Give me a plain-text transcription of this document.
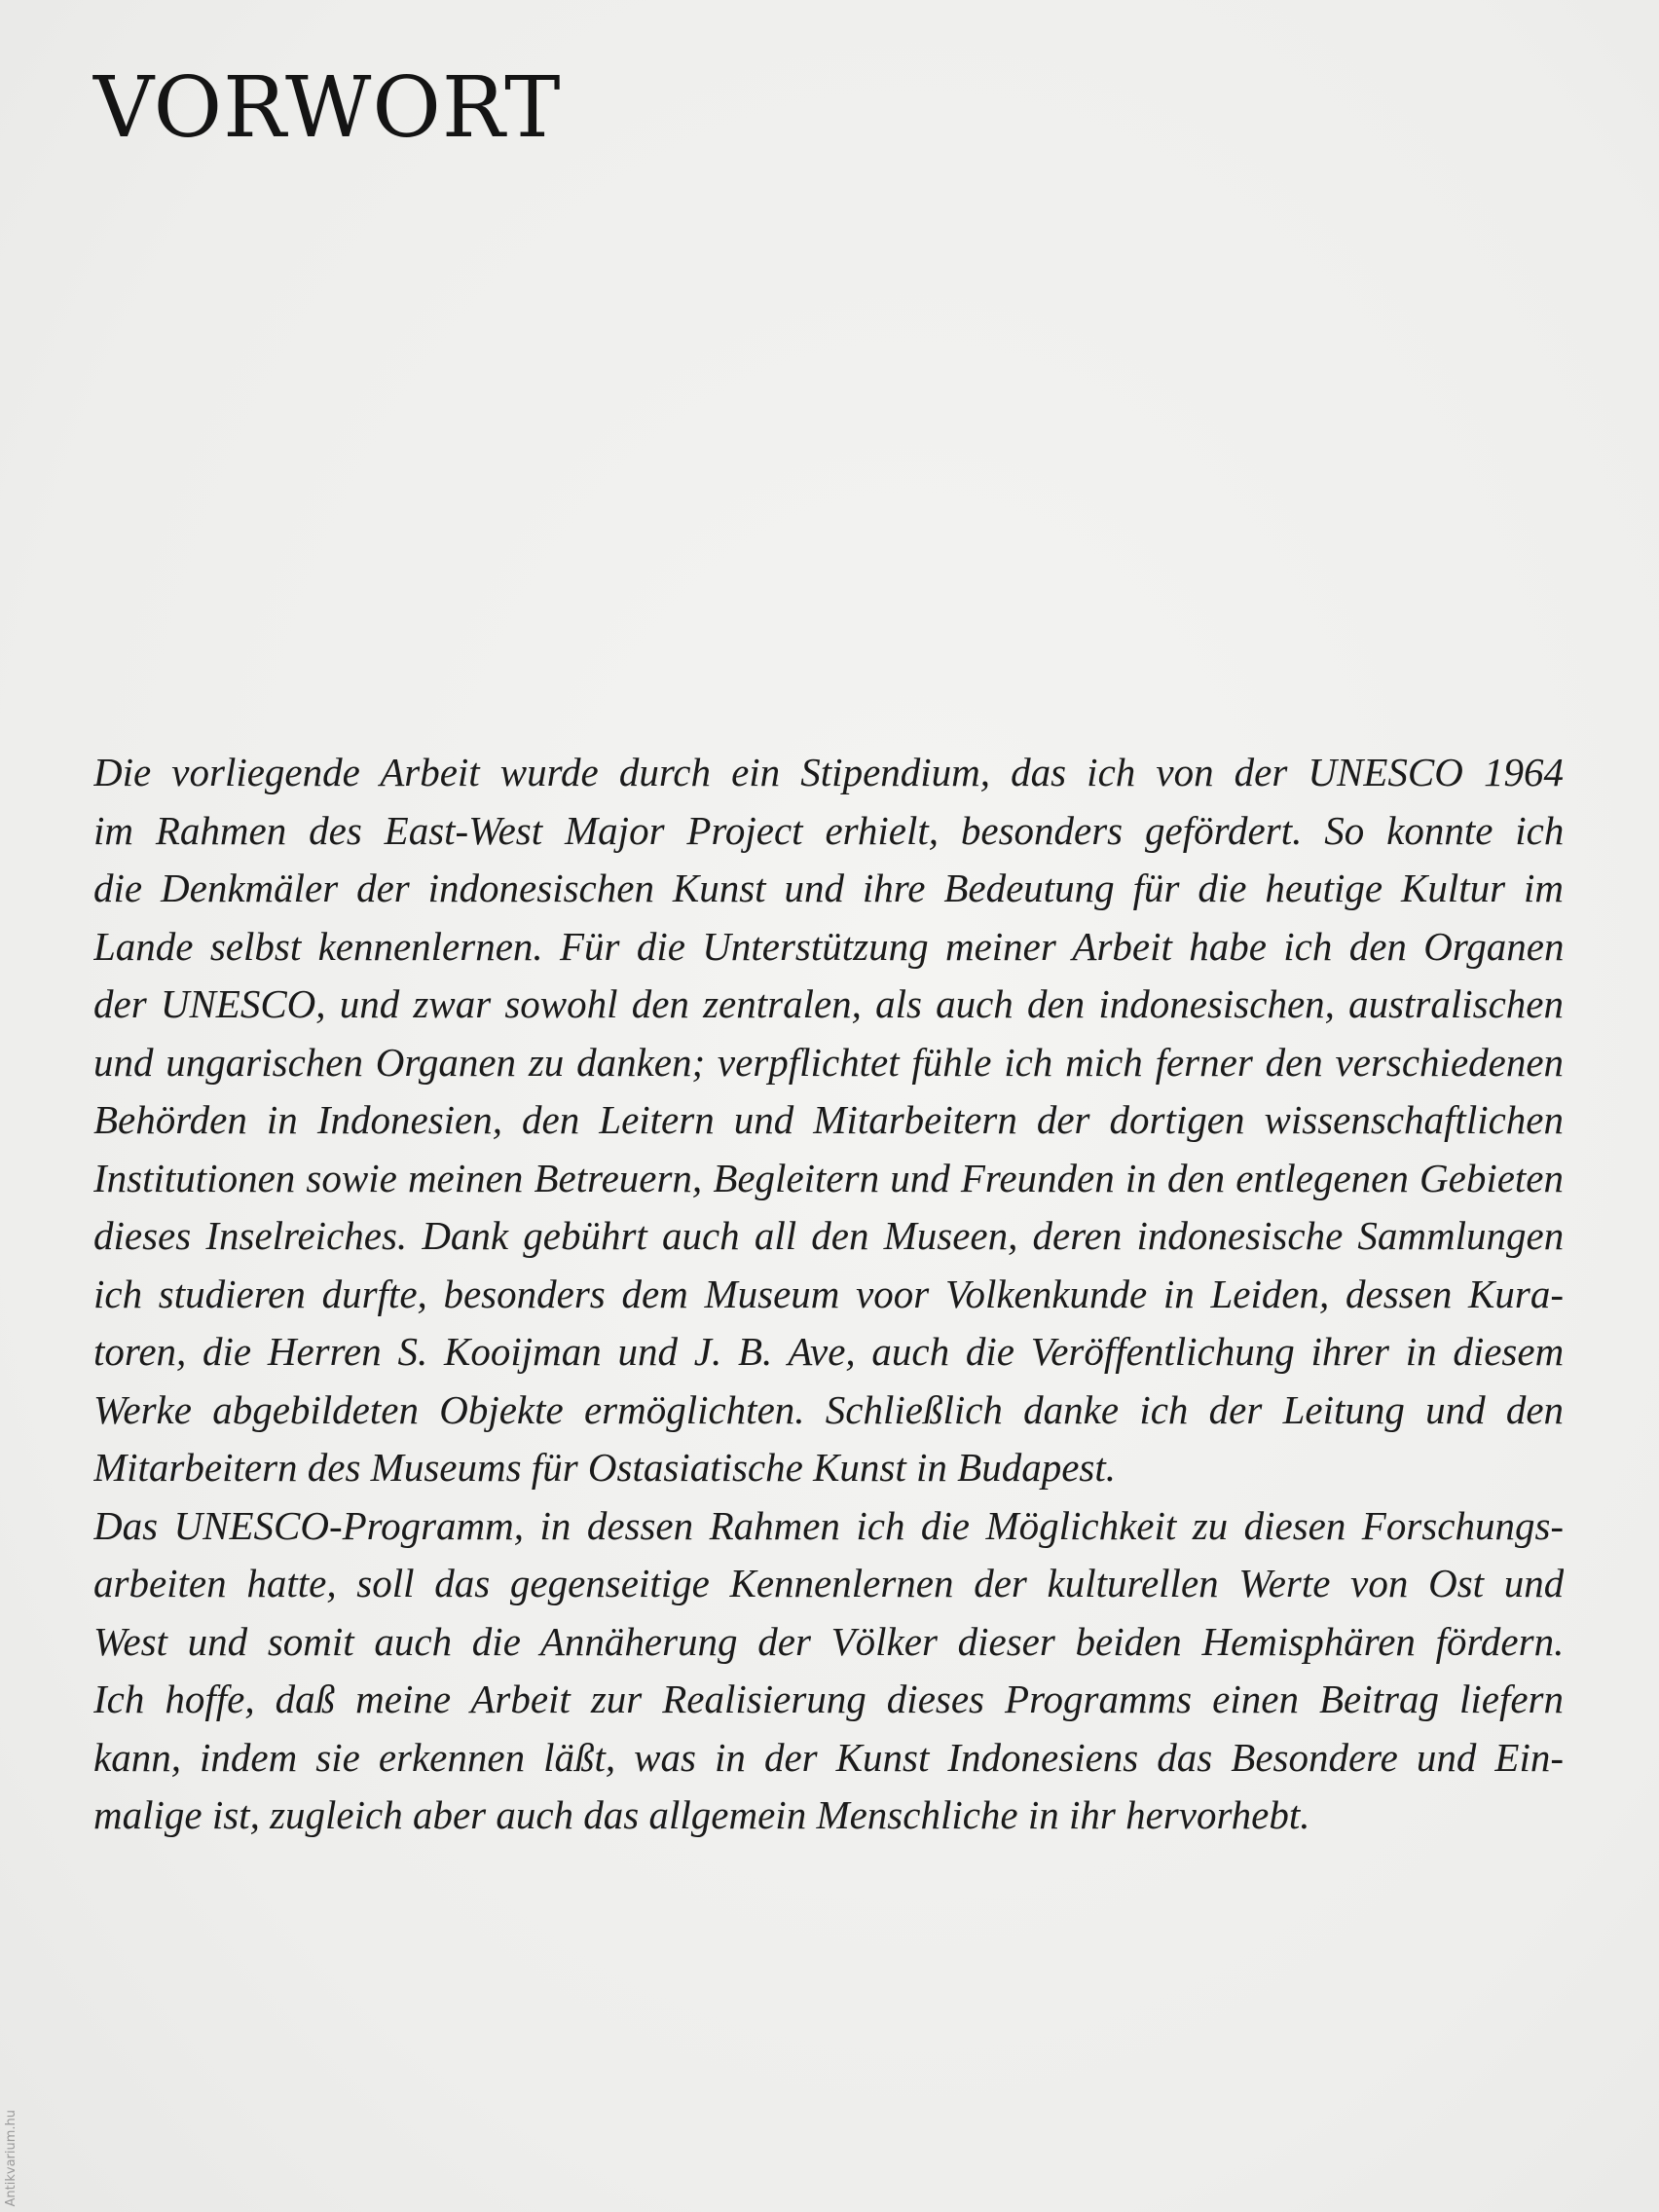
VORWORT
Die vorliegende Arbeit wurde durch ein Stipendium, das ich von der UNESCO 1964
im Rahmen des East-West Major Project erhielt, besonders gefördert. So konnte ich
die Denkmäler der indonesischen Kunst und ihre Bedeutung für die heutige Kultur im
Lande selbst kennenlernen. Für die Unterstützung meiner Arbeit habe ich den Organen
der UNESCO, und zwar sowohl den zentralen, als auch den indonesischen, australischen
und ungarischen Organen zu danken; verpflichtet fühle ich mich ferner den verschiedenen
Behörden in Indonesien, den Leitern und Mitarbeitern der dortigen wissenschaftlichen
Institutionen sowie meinen Betreuern, Begleitern und Freunden in den entlegenen Gebieten
dieses Inselreiches. Dank gebührt auch all den Museen, deren indonesische Sammlungen
ich studieren durfte, besonders dem Museum voor Volkenkunde in Leiden, dessen Kura-
toren, die Herren S. Kooijman und J. B. Ave, auch die Veröffentlichung ihrer in diesem
Werke abgebildeten Objekte ermöglichten. Schließlich danke ich der Leitung und den
Mitarbeitern des Museums für Ostasiatische Kunst in Budapest.
Das UNESCO-Programm, in dessen Rahmen ich die Möglichkeit zu diesen Forschungs-
arbeiten hatte, soll das gegenseitige Kennenlernen der kulturellen Werte von Ost und
West und somit auch die Annäherung der Völker dieser beiden Hemisphären fördern.
Ich hoffe, daß meine Arbeit zur Realisierung dieses Programms einen Beitrag liefern
kann, indem sie erkennen läßt, was in der Kunst Indonesiens das Besondere und Ein-
malige ist, zugleich aber auch das allgemein Menschliche in ihr hervorhebt.
Antikvarium.hu
